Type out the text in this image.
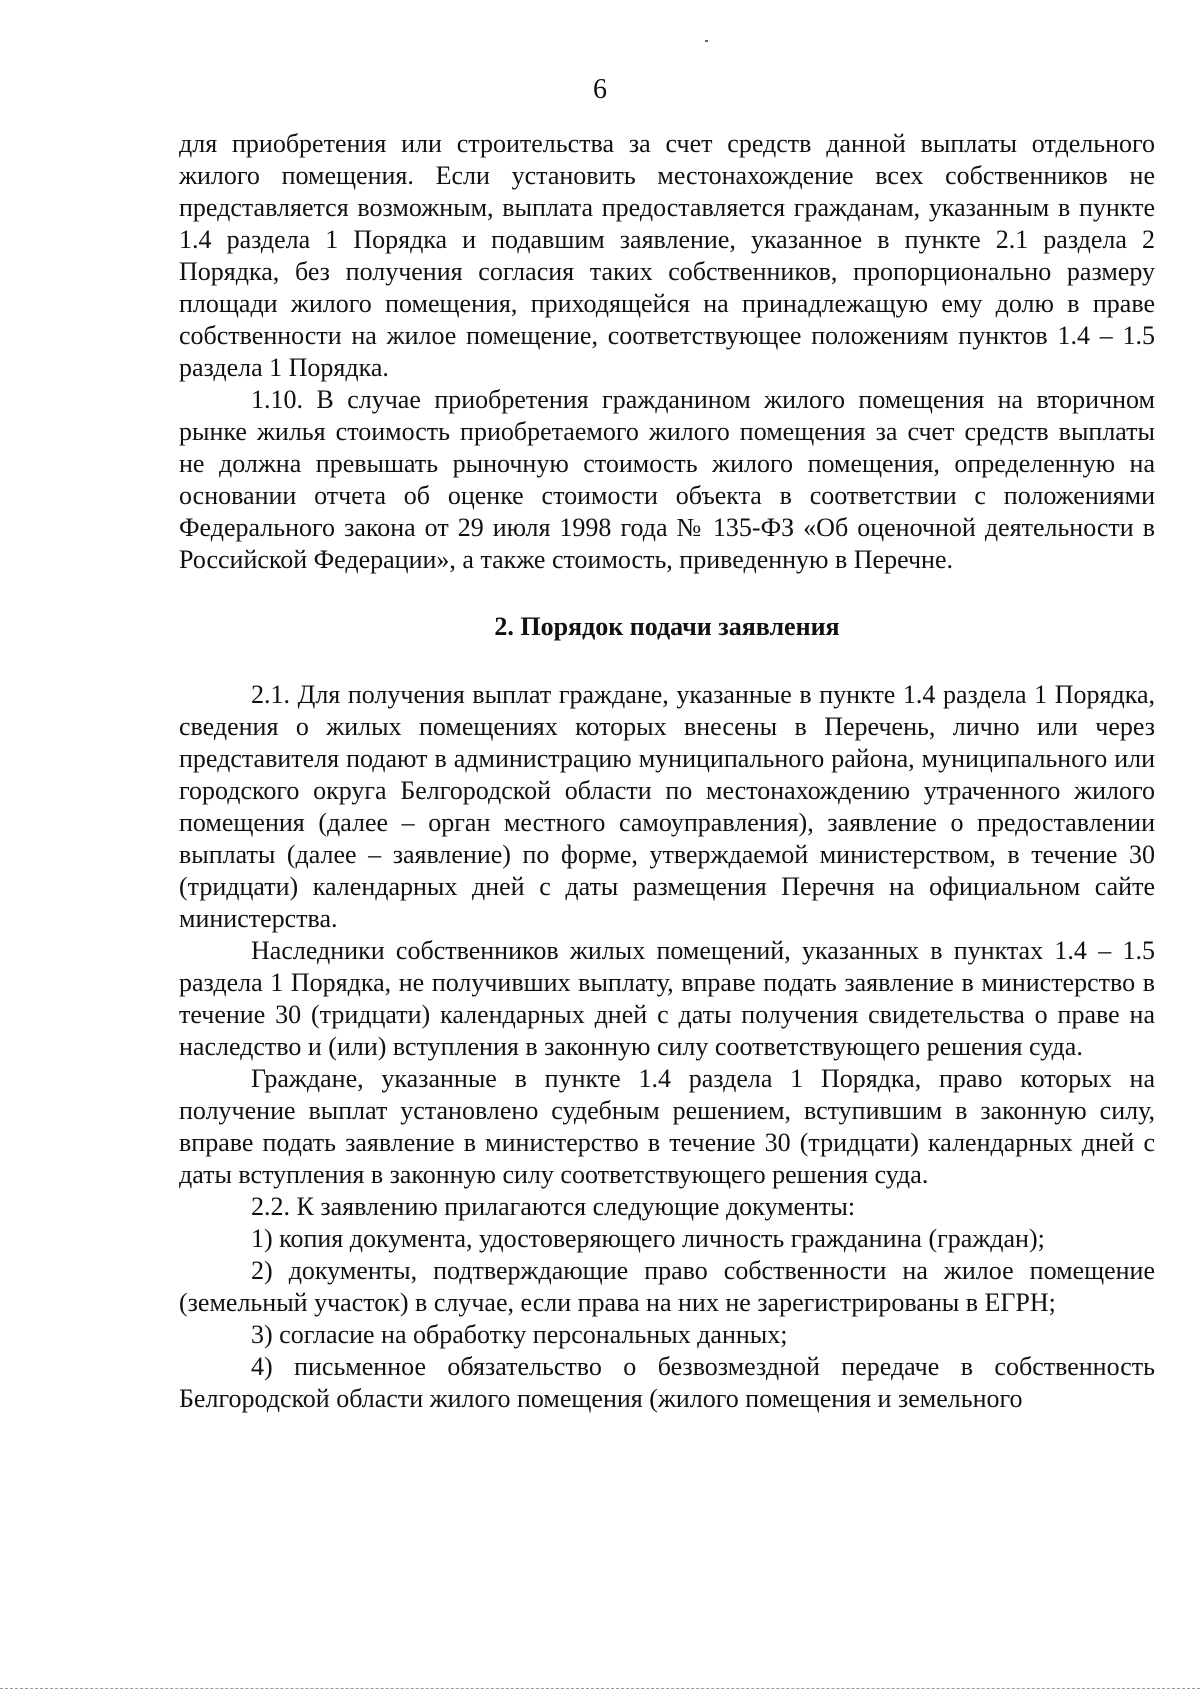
6

для приобретения или строительства за счет средств данной выплаты отдельного жилого помещения. Если установить местонахождение всех собственников не представляется возможным, выплата предоставляется гражданам, указанным в пункте 1.4 раздела 1 Порядка и подавшим заявление, указанное в пункте 2.1 раздела 2 Порядка, без получения согласия таких собственников, пропорционально размеру площади жилого помещения, приходящейся на принадлежащую ему долю в праве собственности на жилое помещение, соответствующее положениям пунктов 1.4 – 1.5 раздела 1 Порядка.

1.10. В случае приобретения гражданином жилого помещения на вторичном рынке жилья стоимость приобретаемого жилого помещения за счет средств выплаты не должна превышать рыночную стоимость жилого помещения, определенную на основании отчета об оценке стоимости объекта в соответствии с положениями Федерального закона от 29 июля 1998 года № 135-ФЗ «Об оценочной деятельности в Российской Федерации», а также стоимость, приведенную в Перечне.

2. Порядок подачи заявления

2.1. Для получения выплат граждане, указанные в пункте 1.4 раздела 1 Порядка, сведения о жилых помещениях которых внесены в Перечень, лично или через представителя подают в администрацию муниципального района, муниципального или городского округа Белгородской области по местонахождению утраченного жилого помещения (далее – орган местного самоуправления), заявление о предоставлении выплаты (далее – заявление) по форме, утверждаемой министерством, в течение 30 (тридцати) календарных дней с даты размещения Перечня на официальном сайте министерства.

Наследники собственников жилых помещений, указанных в пунктах 1.4 – 1.5 раздела 1 Порядка, не получивших выплату, вправе подать заявление в министерство в течение 30 (тридцати) календарных дней с даты получения свидетельства о праве на наследство и (или) вступления в законную силу соответствующего решения суда.

Граждане, указанные в пункте 1.4 раздела 1 Порядка, право которых на получение выплат установлено судебным решением, вступившим в законную силу, вправе подать заявление в министерство в течение 30 (тридцати) календарных дней с даты вступления в законную силу соответствующего решения суда.

2.2. К заявлению прилагаются следующие документы:

1) копия документа, удостоверяющего личность гражданина (граждан);

2) документы, подтверждающие право собственности на жилое помещение (земельный участок) в случае, если права на них не зарегистрированы в ЕГРН;

3) согласие на обработку персональных данных;

4) письменное обязательство о безвозмездной передаче в собственность Белгородской области жилого помещения (жилого помещения и земельного
